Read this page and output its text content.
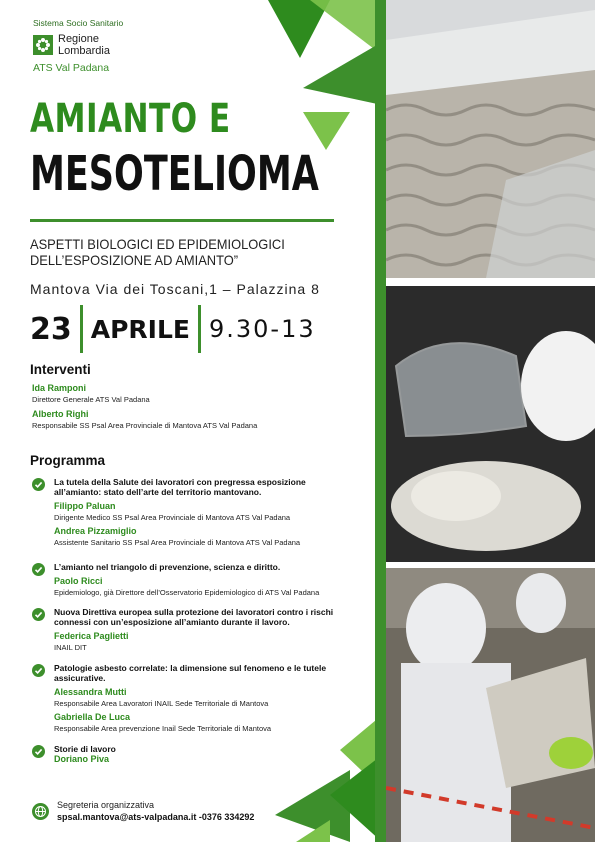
Sistema Socio Sanitario
Regione
Lombardia
ATS Val Padana
AMIANTO E
MESOTELIOMA
ASPETTI BIOLOGICI ED EPIDEMIOLOGICI
DELL’ESPOSIZIONE AD AMIANTO”
Mantova Via dei Toscani,1 – Palazzina 8
23 APRILE 9.30-13
Interventi
Ida Ramponi
Direttore Generale ATS Val Padana
Alberto Righi
Responsabile SS Psal Area Provinciale di Mantova ATS Val Padana
Programma
La tutela della Salute dei lavoratori con pregressa esposizione
all’amianto: stato dell’arte del territorio mantovano.
Filippo Paluan
Dirigente Medico SS Psal Area Provinciale di Mantova ATS Val Padana
Andrea Pizzamiglio
Assistente Sanitario SS Psal Area Provinciale di Mantova ATS Val Padana
L’amianto nel triangolo di prevenzione, scienza e diritto.
Paolo Ricci
Epidemiologo, già Direttore dell’Osservatorio Epidemiologico di ATS Val Padana
Nuova Direttiva europea sulla protezione dei lavoratori contro i rischi
connessi con un’esposizione all’amianto durante il lavoro.
Federica Paglietti
INAIL DIT
Patologie asbesto correlate: la dimensione sul fenomeno e le tutele
assicurative.
Alessandra Mutti
Responsabile Area Lavoratori INAIL Sede Territoriale di Mantova
Gabriella De Luca
Responsabile Area prevenzione Inail Sede Territoriale di Mantova
Storie di lavoro
Doriano Piva
Segreteria organizzativa
spsal.mantova@ats-valpadana.it -0376 334292
